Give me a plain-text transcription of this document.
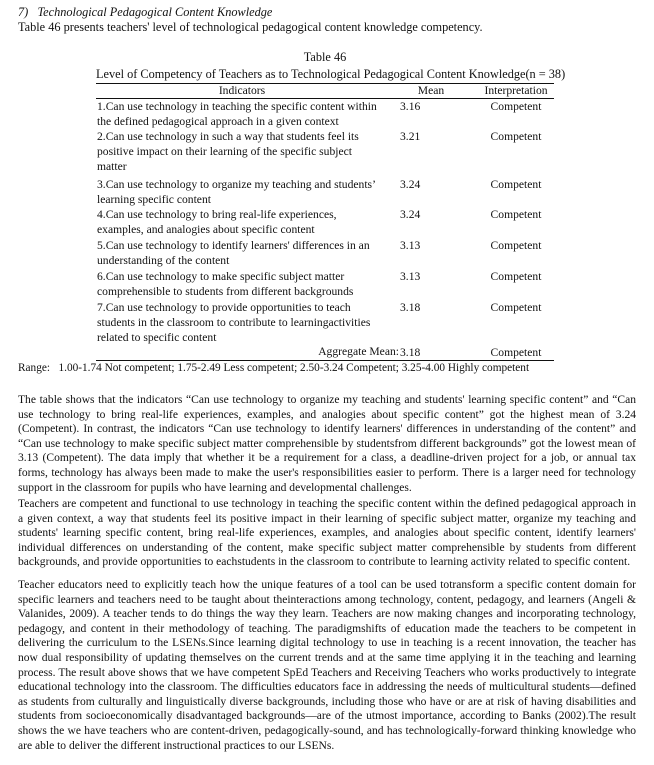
7)   Technological Pedagogical Content Knowledge
Table 46 presents teachers' level of technological pedagogical content knowledge competency.
Table 46
Level of Competency of Teachers as to Technological Pedagogical Content Knowledge(n = 38)
Indicators	Mean	Interpretation
1.Can use technology in teaching the specific content within
the defined pedagogical approach in a given context
3.16	Competent
2.Can use technology in such a way that students feel its
positive impact on their learning of the specific subject
matter
3.21	Competent
3.Can use technology to organize my teaching and students’
learning specific content
3.24	Competent
4.Can use technology to bring real-life experiences,
examples, and analogies about specific content
3.24	Competent
5.Can use technology to identify learners' differences in an
understanding of the content
3.13	Competent
6.Can use technology to make specific subject matter
comprehensible to students from different backgrounds
3.13	Competent
7.Can use technology to provide opportunities to teach
students in the classroom to contribute to learningactivities
related to specific content
3.18	Competent
Aggregate Mean: 3.18	Competent
Range:   1.00-1.74 Not competent; 1.75-2.49 Less competent; 2.50-3.24 Competent; 3.25-4.00 Highly competent
The table shows that the indicators “Can use technology to organize my teaching and students' learning specific content” and “Can use technology to bring real-life experiences, examples, and analogies about specific content” got the highest mean of 3.24 (Competent). In contrast, the indicators “Can use technology to identify learners' differences in understanding of the content” and “Can use technology to make specific subject matter comprehensible by studentsfrom different backgrounds” got the lowest mean of 3.13 (Competent). The data imply that whether it be a requirement for a class, a deadline-driven project for a job, or annual tax forms, technology has always been made to make the user's responsibilities easier to perform. There is a larger need for technology support in the classroom for pupils who have learning and developmental challenges.
Teachers are competent and functional to use technology in teaching the specific content within the defined pedagogical approach in a given context, a way that students feel its positive impact in their learning of specific subject matter, organize my teaching and students' learning specific content, bring real-life experiences, examples, and analogies about specific content, identify learners' individual differences on understanding of the content, make specific subject matter comprehensible by students from different backgrounds, and provide opportunities to eachstudents in the classroom to contribute to learning activity related to specific content.
Teacher educators need to explicitly teach how the unique features of a tool can be used totransform a specific content domain for specific learners and teachers need to be taught about theinteractions among technology, content, pedagogy, and learners (Angeli & Valanides, 2009). A teacher tends to do things the way they learn. Teachers are now making changes and incorporating technology, pedagogy, and content in their methodology of teaching. The paradigmshifts of education made the teachers to be competent in delivering the curriculum to the LSENs.Since learning digital technology to use in teaching is a recent innovation, the teacher has now dual responsibility of updating themselves on the current trends and at the same time applying it in the teaching and learning process. The result above shows that we have competent SpEd Teachers and Receiving Teachers who works productively to integrate educational technology into the classroom. The difficulties educators face in addressing the needs of multicultural students—defined as students from culturally and linguistically diverse backgrounds, including those who have or are at risk of having disabilities and students from socioeconomically disadvantaged backgrounds—are of the utmost importance, according to Banks (2002).The result shows the we have teachers who are content-driven, pedagogically-sound, and has technologically-forward thinking knowledge who are able to deliver the different instructional practices to our LSENs.
